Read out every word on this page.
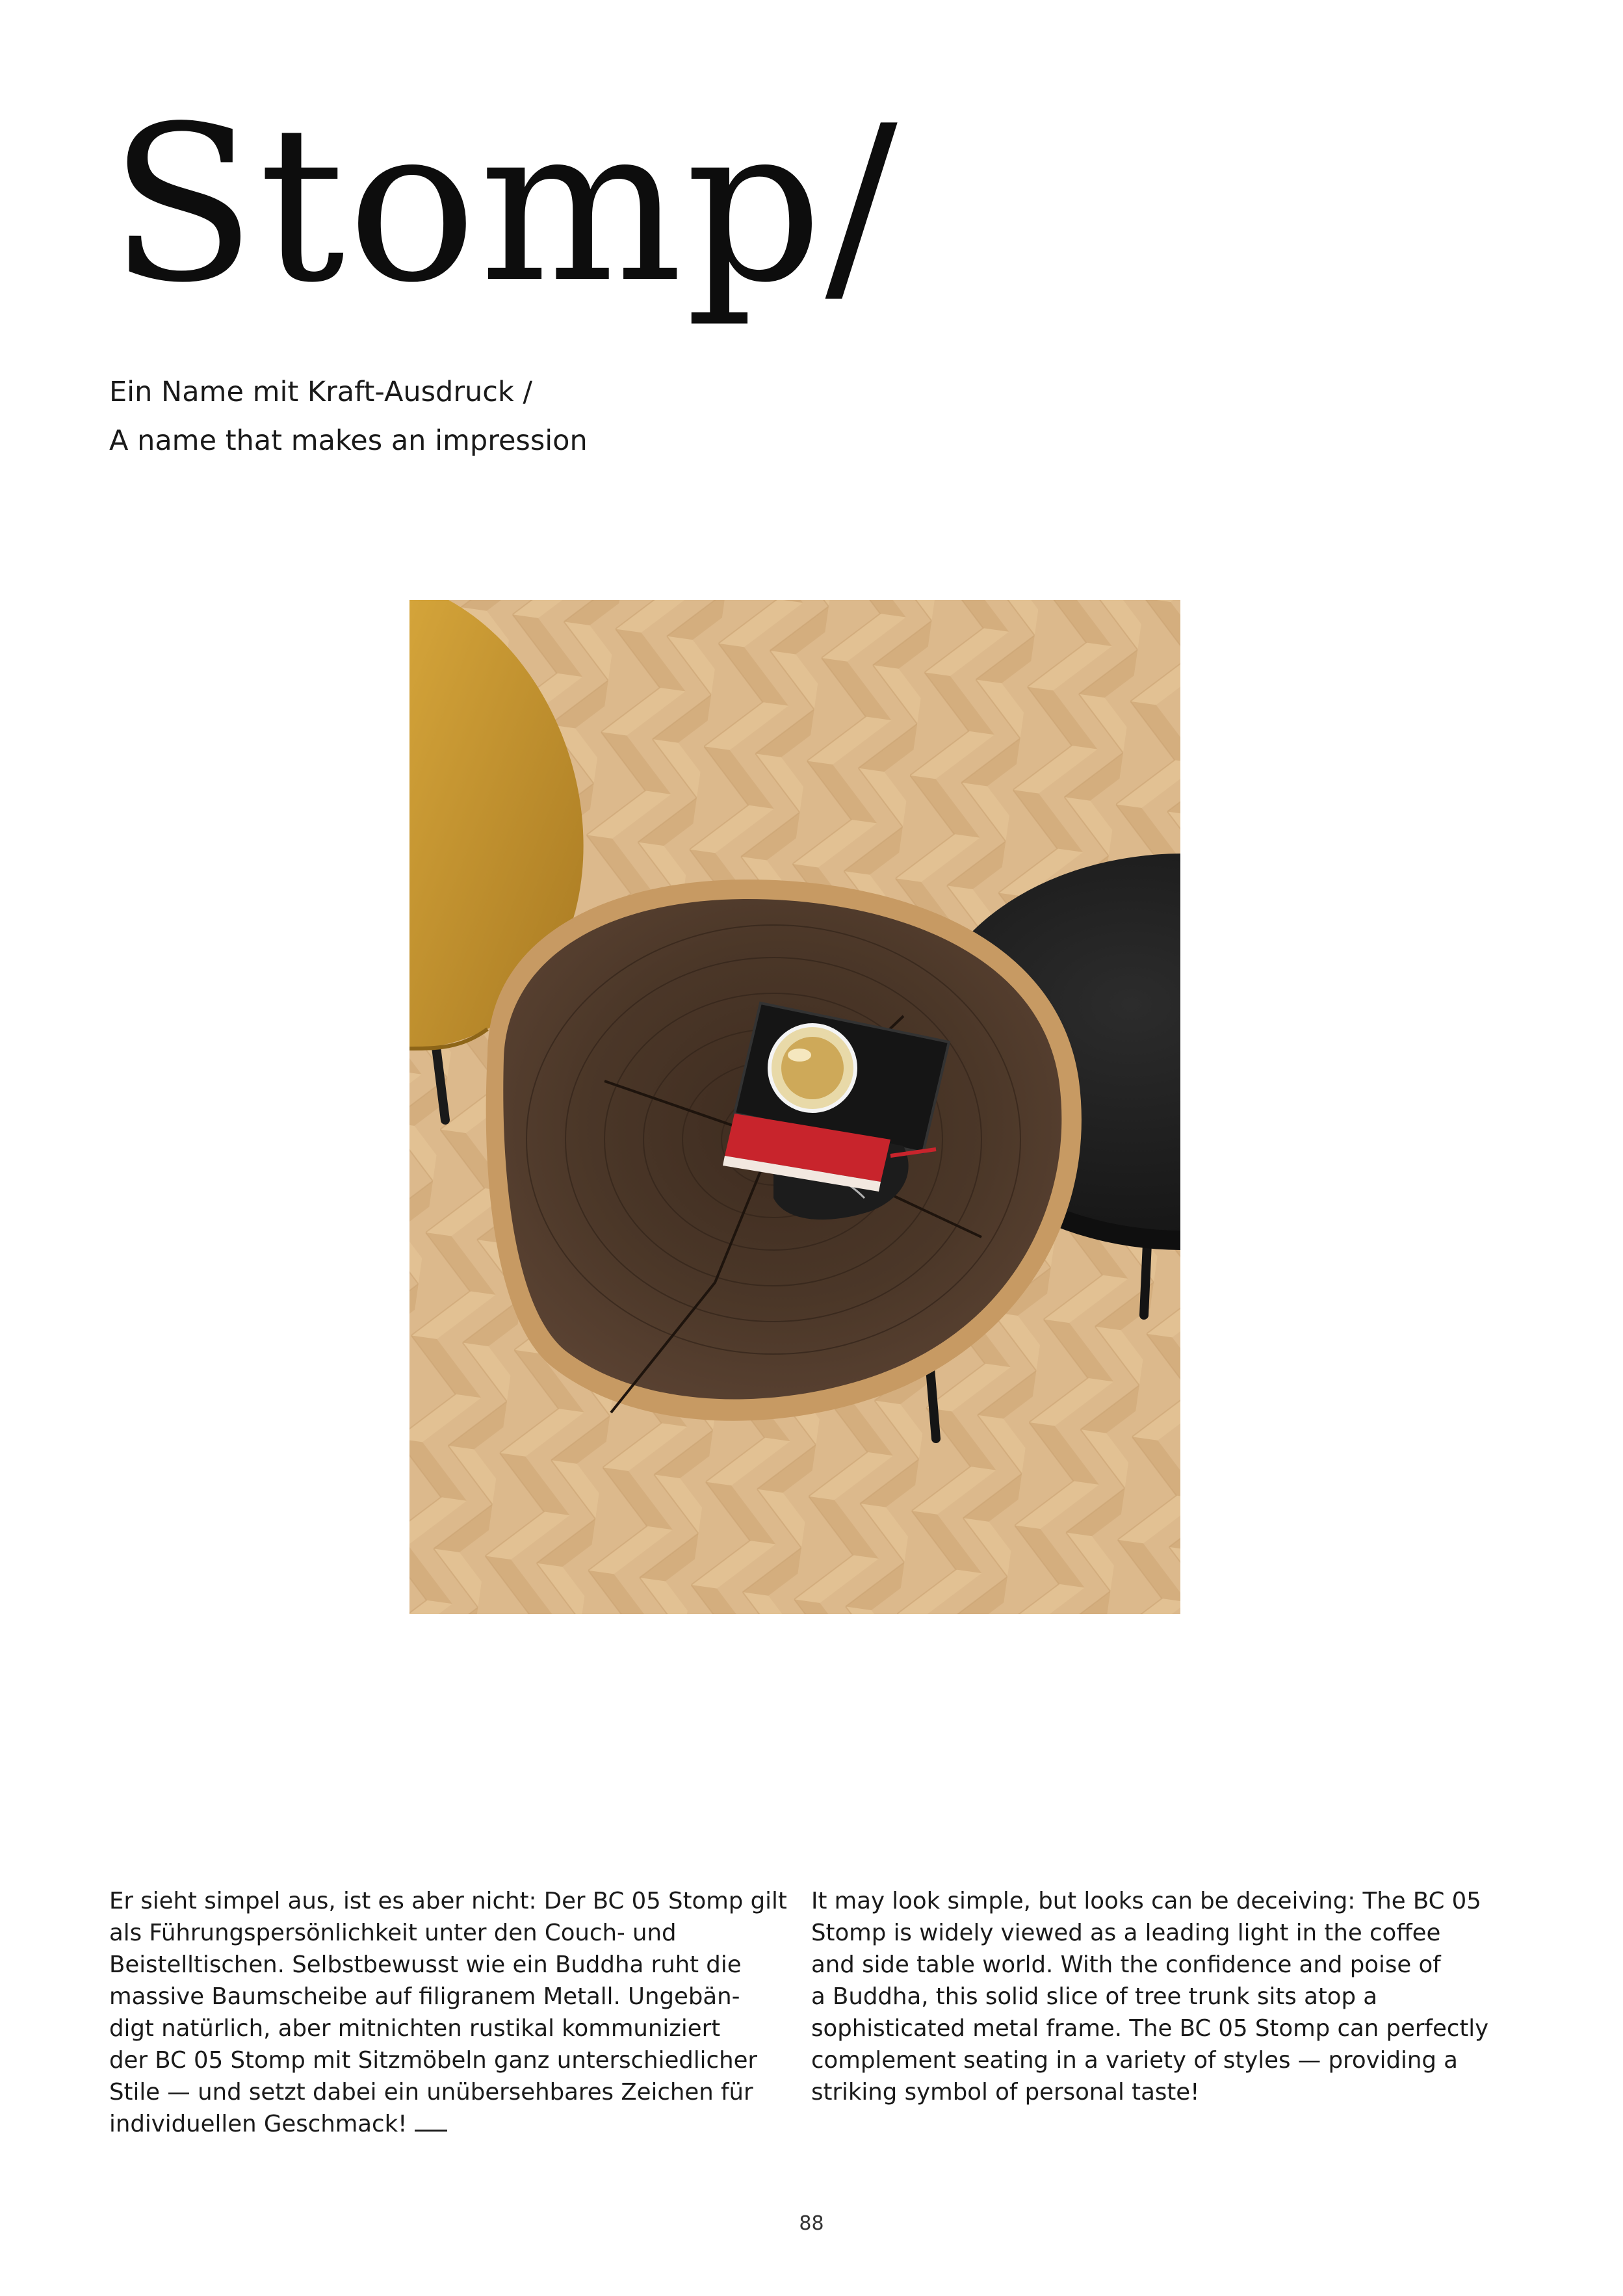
Stomp/
Ein Name mit Kraft-Ausdruck /
A name that makes an impression
Er sieht simpel aus, ist es aber nicht: Der BC 05 Stomp gilt
als Führungspersönlichkeit unter den Couch- und
Beistelltischen. Selbstbewusst wie ein Buddha ruht die
massive Baumscheibe auf filigranem Metall. Ungebän-
digt natürlich, aber mitnichten rustikal kommuniziert
der BC 05 Stomp mit Sitzmöbeln ganz unterschiedlicher
Stile — und setzt dabei ein unübersehbares Zeichen für
individuellen Geschmack!
It may look simple, but looks can be deceiving: The BC 05
Stomp is widely viewed as a leading light in the coffee
and side table world. With the confidence and poise of
a Buddha, this solid slice of tree trunk sits atop a
sophisticated metal frame. The BC 05 Stomp can perfectly
complement seating in a variety of styles — providing a
striking symbol of personal taste!
88
